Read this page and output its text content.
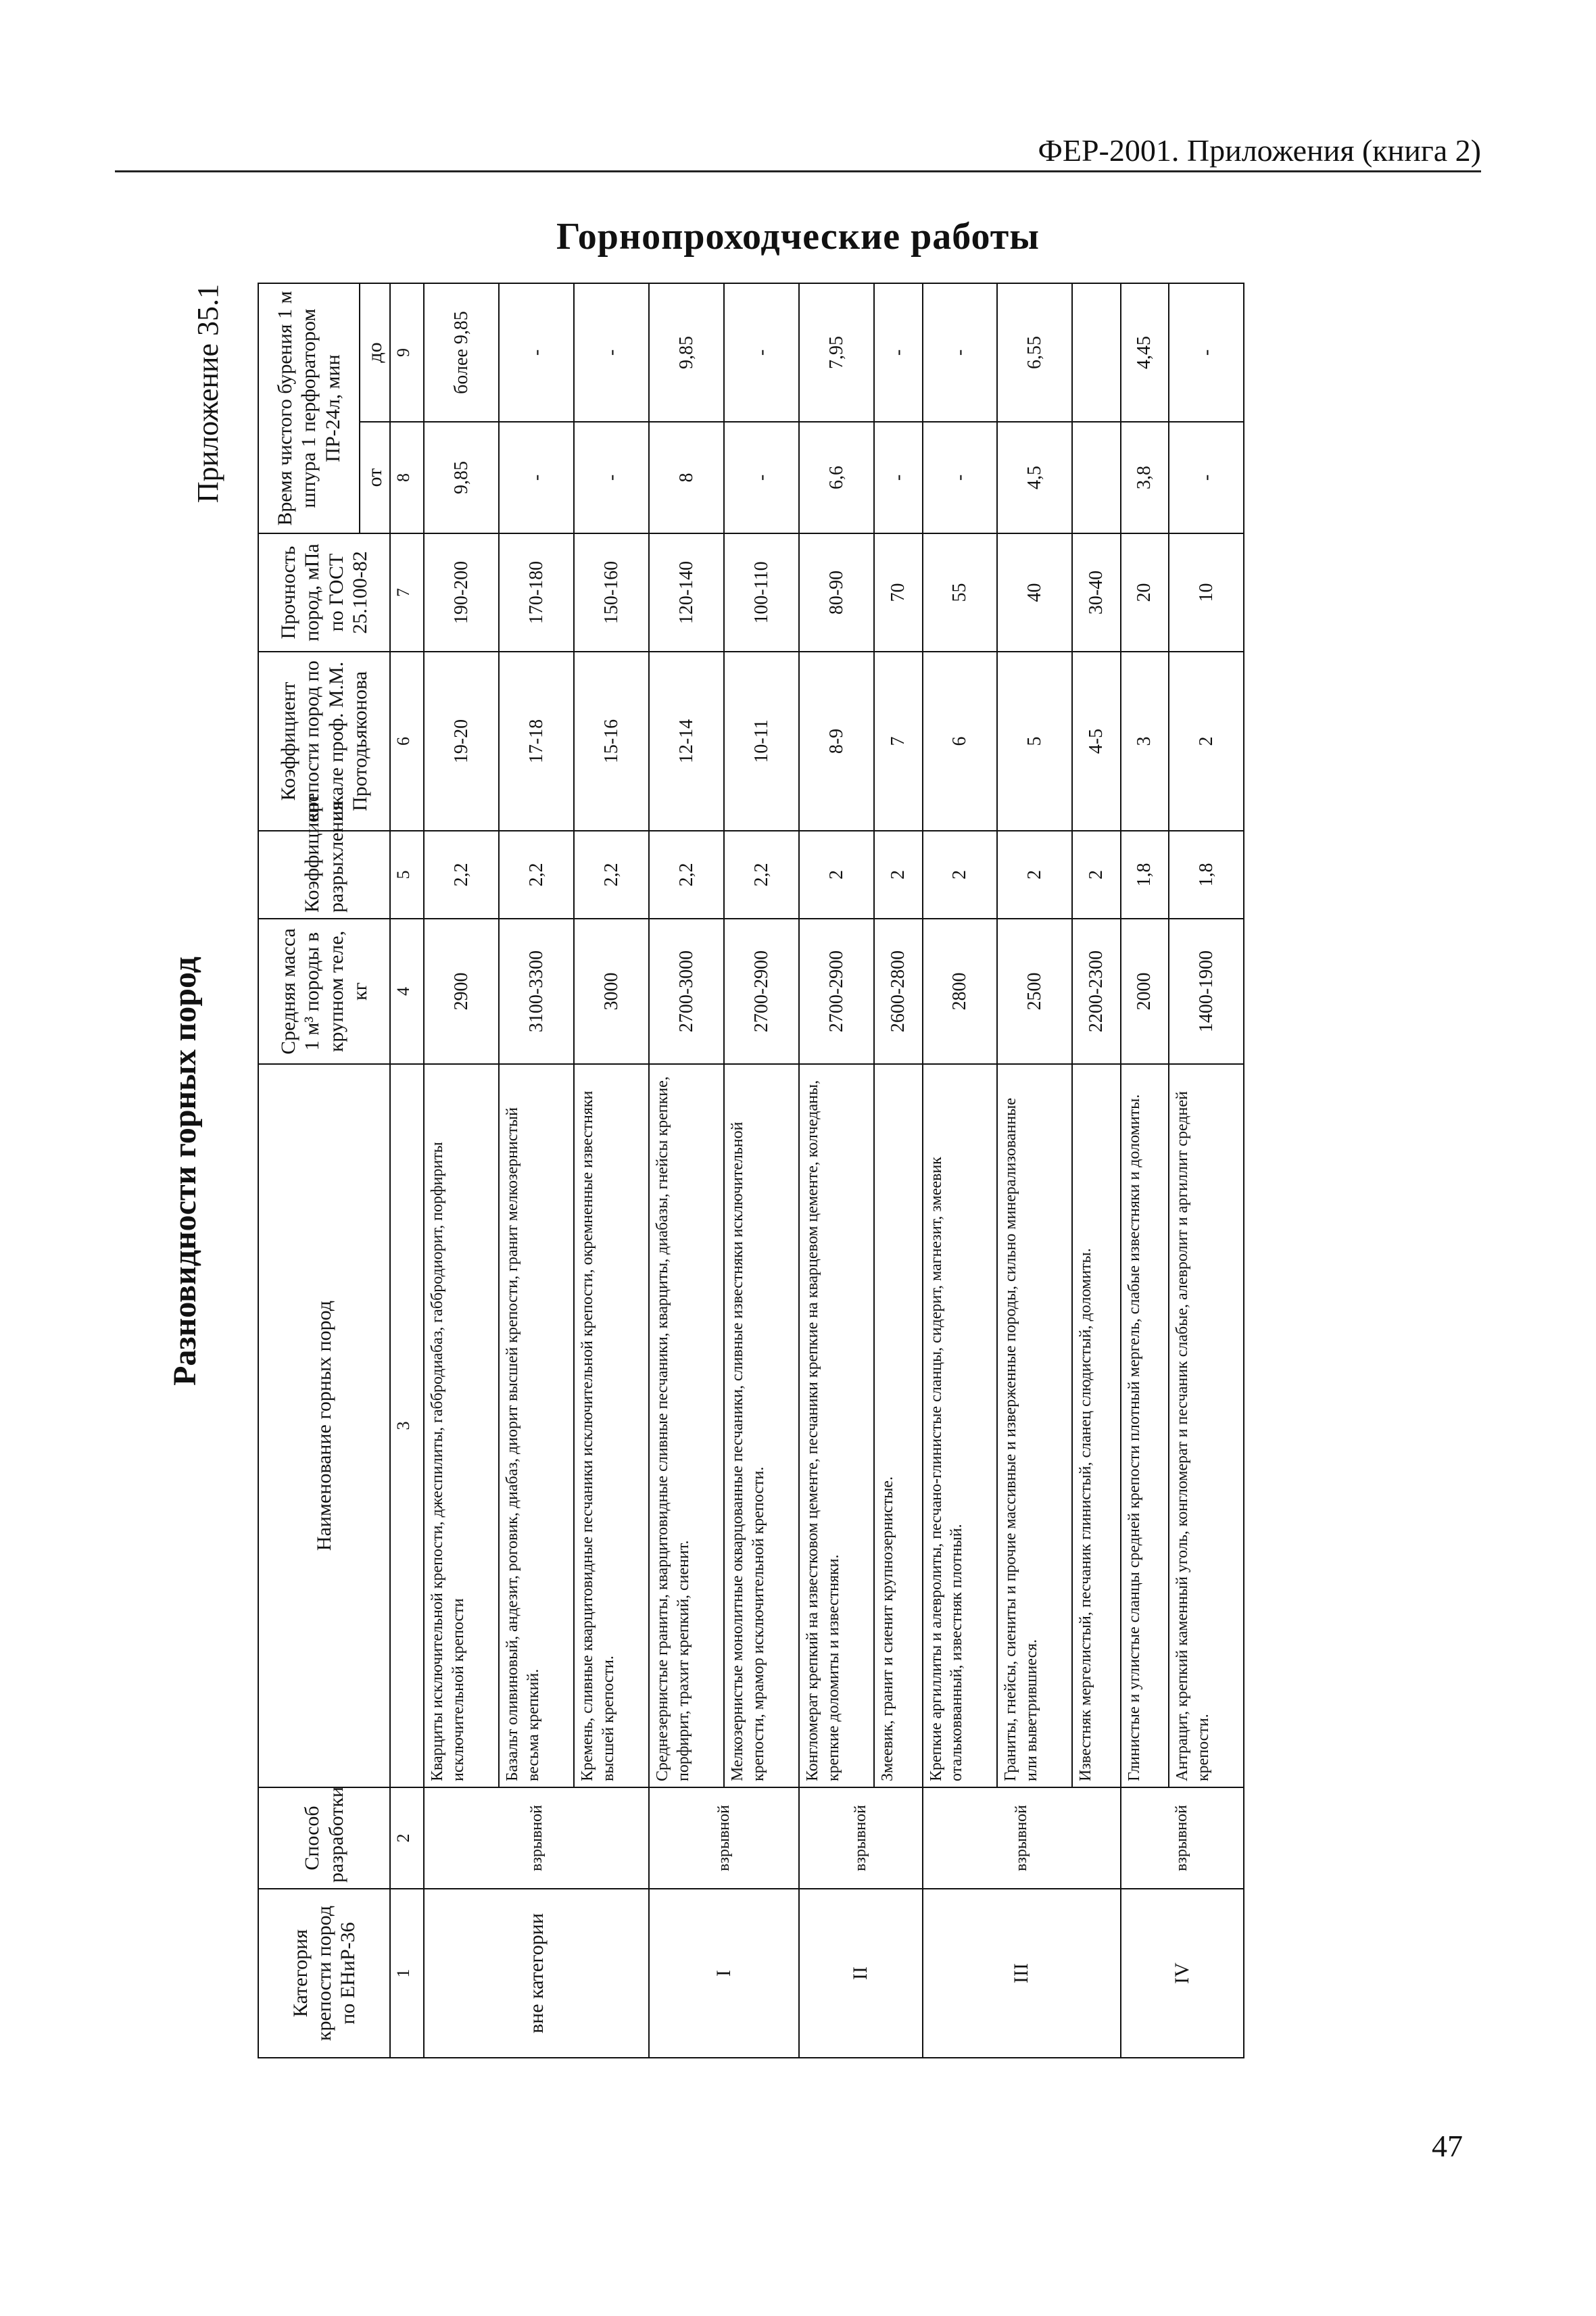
ФЕР-2001. Приложения (книга 2)
Горнопроходческие работы
Разновидности горных пород
Приложение 35.1
Категория крепости пород по ЕНиР-36	Способ разработки	Наименование горных пород	Средняя масса 1 м³ породы в крупном теле, кг	Коэффициент разрыхления	Коэффициент крепости пород по шкале проф. М.М. Протодьяконова	Прочность пород, мПа по ГОСТ 25.100-82	Время чистого бурения 1 м шпура 1 перфоратором ПР-24л, мин	
							от	до
1	2	3	4	5	6	7	8	9
вне категории	взрывной	Кварциты исключительной крепости, джеспилиты, габбродиабаз, габбродиорит, порфириты исключительной крепости	2900	2,2	19-20	190-200	9,85	более 9,85
		Базальт оливиновый, андезит, роговик, диабаз, диорит высшей крепости, гранит мелкозернистый весьма крепкий.	3100-3300	2,2	17-18	170-180	-	-
		Кремень, сливные кварцитовидные песчаники исключительной крепости, окремненные известняки высшей крепости.	3000	2,2	15-16	150-160	-	-
I	взрывной	Среднезернистые граниты, кварцитовидные сливные песчаники, кварциты, диабазы, гнейсы крепкие, порфирит, трахит крепкий, сиенит.	2700-3000	2,2	12-14	120-140	8	9,85
		Мелкозернистые монолитные окварцованные песчаники, сливные известняки исключительной крепости, мрамор исключительной крепости.	2700-2900	2,2	10-11	100-110	-	-
II	взрывной	Конгломерат крепкий на известковом цементе, песчаники крепкие на кварцевом цементе, колчеданы, крепкие доломиты и известняки.	2700-2900	2	8-9	80-90	6,6	7,95
		Змеевик, гранит и сиенит крупнозернистые.	2600-2800	2	7	70	-	-
III	взрывной	Крепкие аргиллиты и алевролиты, песчано-глинистые сланцы, сидерит, магнезит, змеевик отальковванный, известняк плотный.	2800	2	6	55	-	-
		Граниты, гнейсы, сиениты и прочие массивные и изверженные породы, сильно минерализованные или выветрившиеся.	2500	2	5	40	4,5	6,55
		Известняк мергелистый, песчаник глинистый, сланец слюдистый, доломиты.	2200-2300	2	4-5	30-40		
IV	взрывной	Глинистые и углистые сланцы средней крепости плотный мергель, слабые известняки и доломиты.	2000	1,8	3	20	3,8	4,45
		Антрацит, крепкий каменный уголь, конгломерат и песчаник слабые, алевролит и аргиллит средней крепости.	1400-1900	1,8	2	10	-	-
47
